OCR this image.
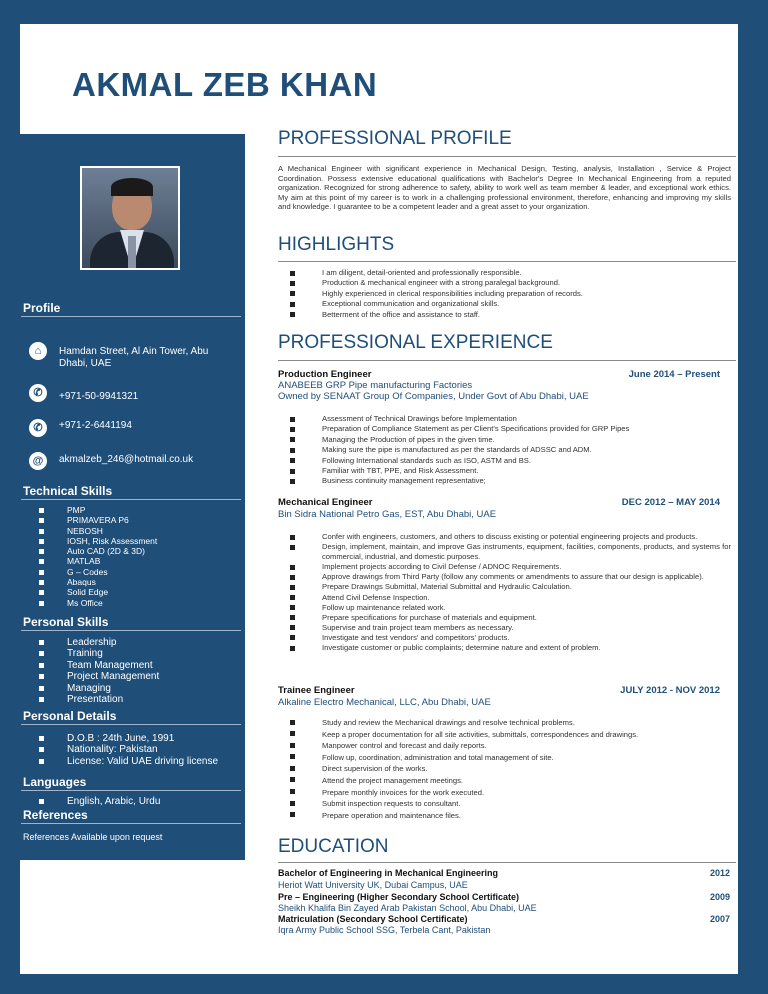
AKMAL ZEB KHAN
Profile
⌂	Hamdan Street, Al Ain Tower, Abu Dhabi, UAE
✆	+971-50-9941321
✆	+971-2-6441194
@	akmalzeb_246@hotmail.co.uk
Technical Skills
PMP
PRIMAVERA P6
NEBOSH
IOSH, Risk Assessment
Auto CAD (2D & 3D)
MATLAB
G – Codes
Abaqus
Solid Edge
Ms Office
Personal Skills
Leadership
Training
Team Management
Project Management
Managing
Presentation
Personal Details
D.O.B : 24th June, 1991
Nationality: Pakistan
License: Valid UAE driving license
Languages
English, Arabic, Urdu
References
References Available upon request
PROFESSIONAL PROFILE
A Mechanical Engineer with significant experience in Mechanical Design, Testing, analysis, Installation , Service & Project Coordination. Possess extensive educational qualifications with Bachelor's Degree In Mechanical Engineering from a reputed organization. Recognized for strong adherence to safety, ability to work well as team member & leader, and exceptional work ethics. My aim at this point of my career is to work in a challenging professional environment, therefore, enhancing and improving my skills and knowledge. I guarantee to be a competent leader and a great asset to your organization.
HIGHLIGHTS
I am diligent, detail-oriented and professionally responsible.
Production & mechanical engineer with a strong paralegal background.
Highly experienced in clerical responsibilities including preparation of records.
Exceptional communication and organizational skills.
Betterment of the office and assistance to staff.
PROFESSIONAL EXPERIENCE
Production Engineer	June 2014 – Present
ANABEEB GRP Pipe manufacturing Factories
Owned by SENAAT Group Of Companies, Under Govt of Abu Dhabi, UAE
Assessment of Technical Drawings before Implementation
Preparation of Compliance Statement as per Client's Specifications provided for GRP Pipes
Managing the Production of pipes in the given time.
Making sure the pipe is manufactured as per the standards of ADSSC and ADM.
Following International standards such as ISO, ASTM and BS.
Familiar with TBT, PPE, and Risk Assessment.
Business continuity management representative;
Mechanical Engineer	DEC 2012 – MAY 2014
Bin Sidra National Petro Gas, EST, Abu Dhabi, UAE
Confer with engineers, customers, and others to discuss existing or potential engineering projects and products.
Design, implement, maintain, and improve Gas instruments, equipment, facilities, components, products, and systems for commercial, industrial, and domestic purposes.
Implement projects according to Civil Defense / ADNOC Requirements.
Approve drawings from Third Party (follow any comments or amendments to assure that our design is applicable).
Prepare Drawings Submittal, Material Submittal and Hydraulic Calculation.
Attend Civil Defense Inspection.
Follow up maintenance related work.
Prepare specifications for purchase of materials and equipment.
Supervise and train project team members as necessary.
Investigate and test vendors' and competitors' products.
Investigate customer or public complaints; determine nature and extent of problem.
Trainee Engineer	JULY 2012 - NOV 2012
Alkaline Electro Mechanical, LLC, Abu Dhabi, UAE
Study and review the Mechanical drawings and resolve technical problems.
Keep a proper documentation for all site activities, submittals, correspondences and drawings.
Manpower control and forecast and daily reports.
Follow up, coordination, administration and total management of site.
Direct supervision of the works.
Attend the project management meetings.
Prepare monthly invoices for the work executed.
Submit inspection requests to consultant.
Prepare operation and maintenance files.
EDUCATION
Bachelor of Engineering in Mechanical Engineering	2012
Heriot Watt University UK, Dubai Campus, UAE
Pre – Engineering (Higher Secondary School Certificate)	2009
Sheikh Khalifa Bin Zayed Arab Pakistan School, Abu Dhabi, UAE
Matriculation (Secondary School Certificate)	2007
Iqra Army Public School SSG, Terbela Cant, Pakistan
